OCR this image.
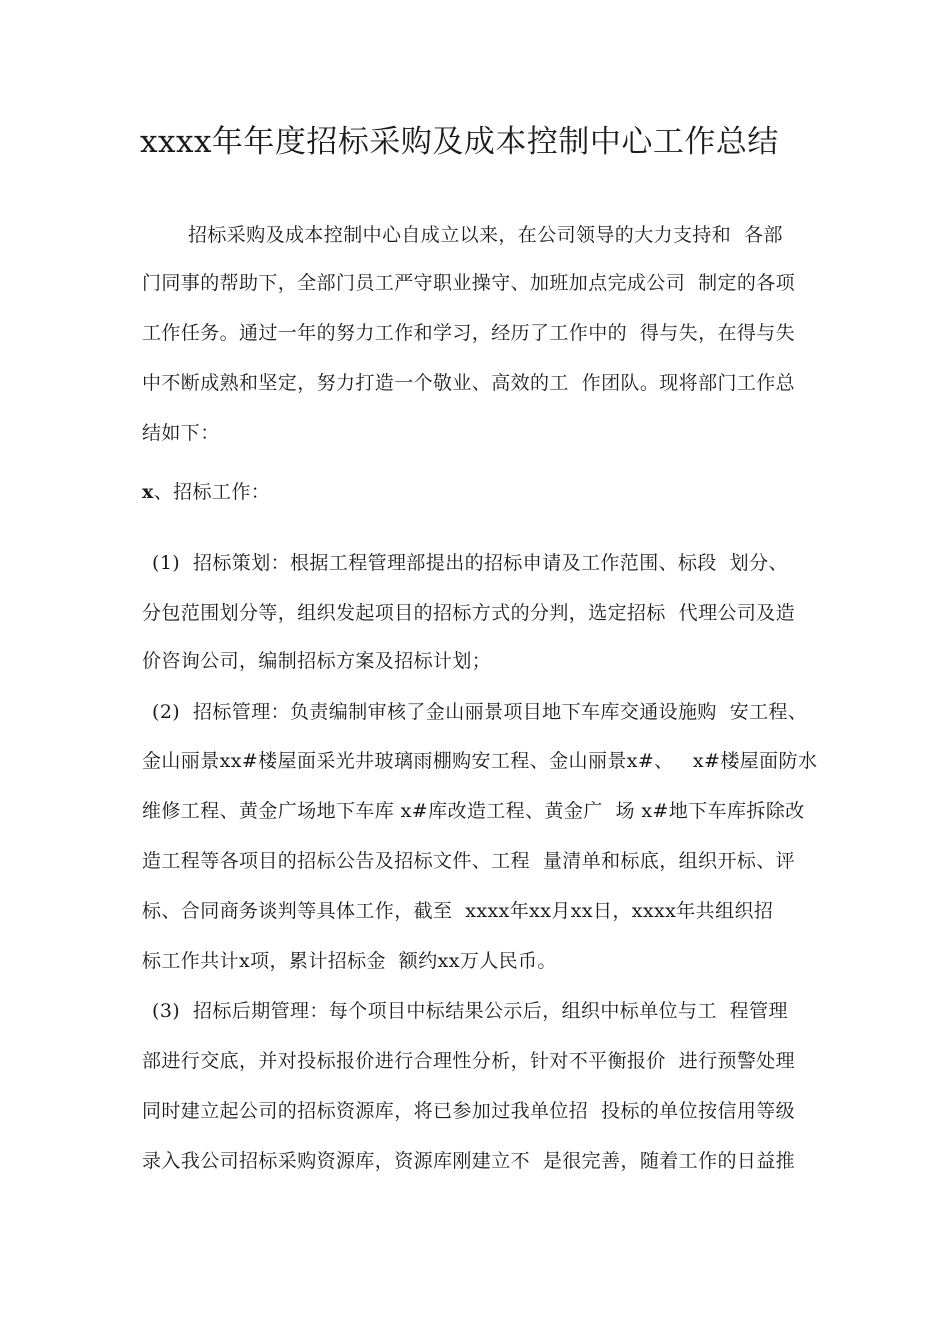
xxxx年年度招标采购及成本控制中心工作总结
招标采购及成本控制中心自成立以来，在公司领导的大力支持和  各部
门同事的帮助下，全部门员工严守职业操守、加班加点完成公司  制定的各项
工作任务。通过一年的努力工作和学习，经历了工作中的  得与失，在得与失
中不断成熟和坚定，努力打造一个敬业、高效的工  作团队。现将部门工作总
结如下：
x、招标工作：
(1)  招标策划：根据工程管理部提出的招标申请及工作范围、标段  划分、
分包范围划分等，组织发起项目的招标方式的分判，选定招标  代理公司及造
价咨询公司，编制招标方案及招标计划；
(2)  招标管理：负责编制审核了金山丽景项目地下车库交通设施购  安工程、
金山丽景xx#楼屋面采光井玻璃雨棚购安工程、金山丽景x#、   x#楼屋面防水
维修工程、黄金广场地下车库 x#库改造工程、黄金广  场 x#地下车库拆除改
造工程等各项目的招标公告及招标文件、工程  量清单和标底，组织开标、评
标、合同商务谈判等具体工作，截至  xxxx年xx月xx日，xxxx年共组织招
标工作共计x项，累计招标金  额约xx万人民币。
(3)  招标后期管理：每个项目中标结果公示后，组织中标单位与工  程管理
部进行交底，并对投标报价进行合理性分析，针对不平衡报价  进行预警处理
同时建立起公司的招标资源库，将已参加过我单位招  投标的单位按信用等级
录入我公司招标采购资源库，资源库刚建立不  是很完善，随着工作的日益推
